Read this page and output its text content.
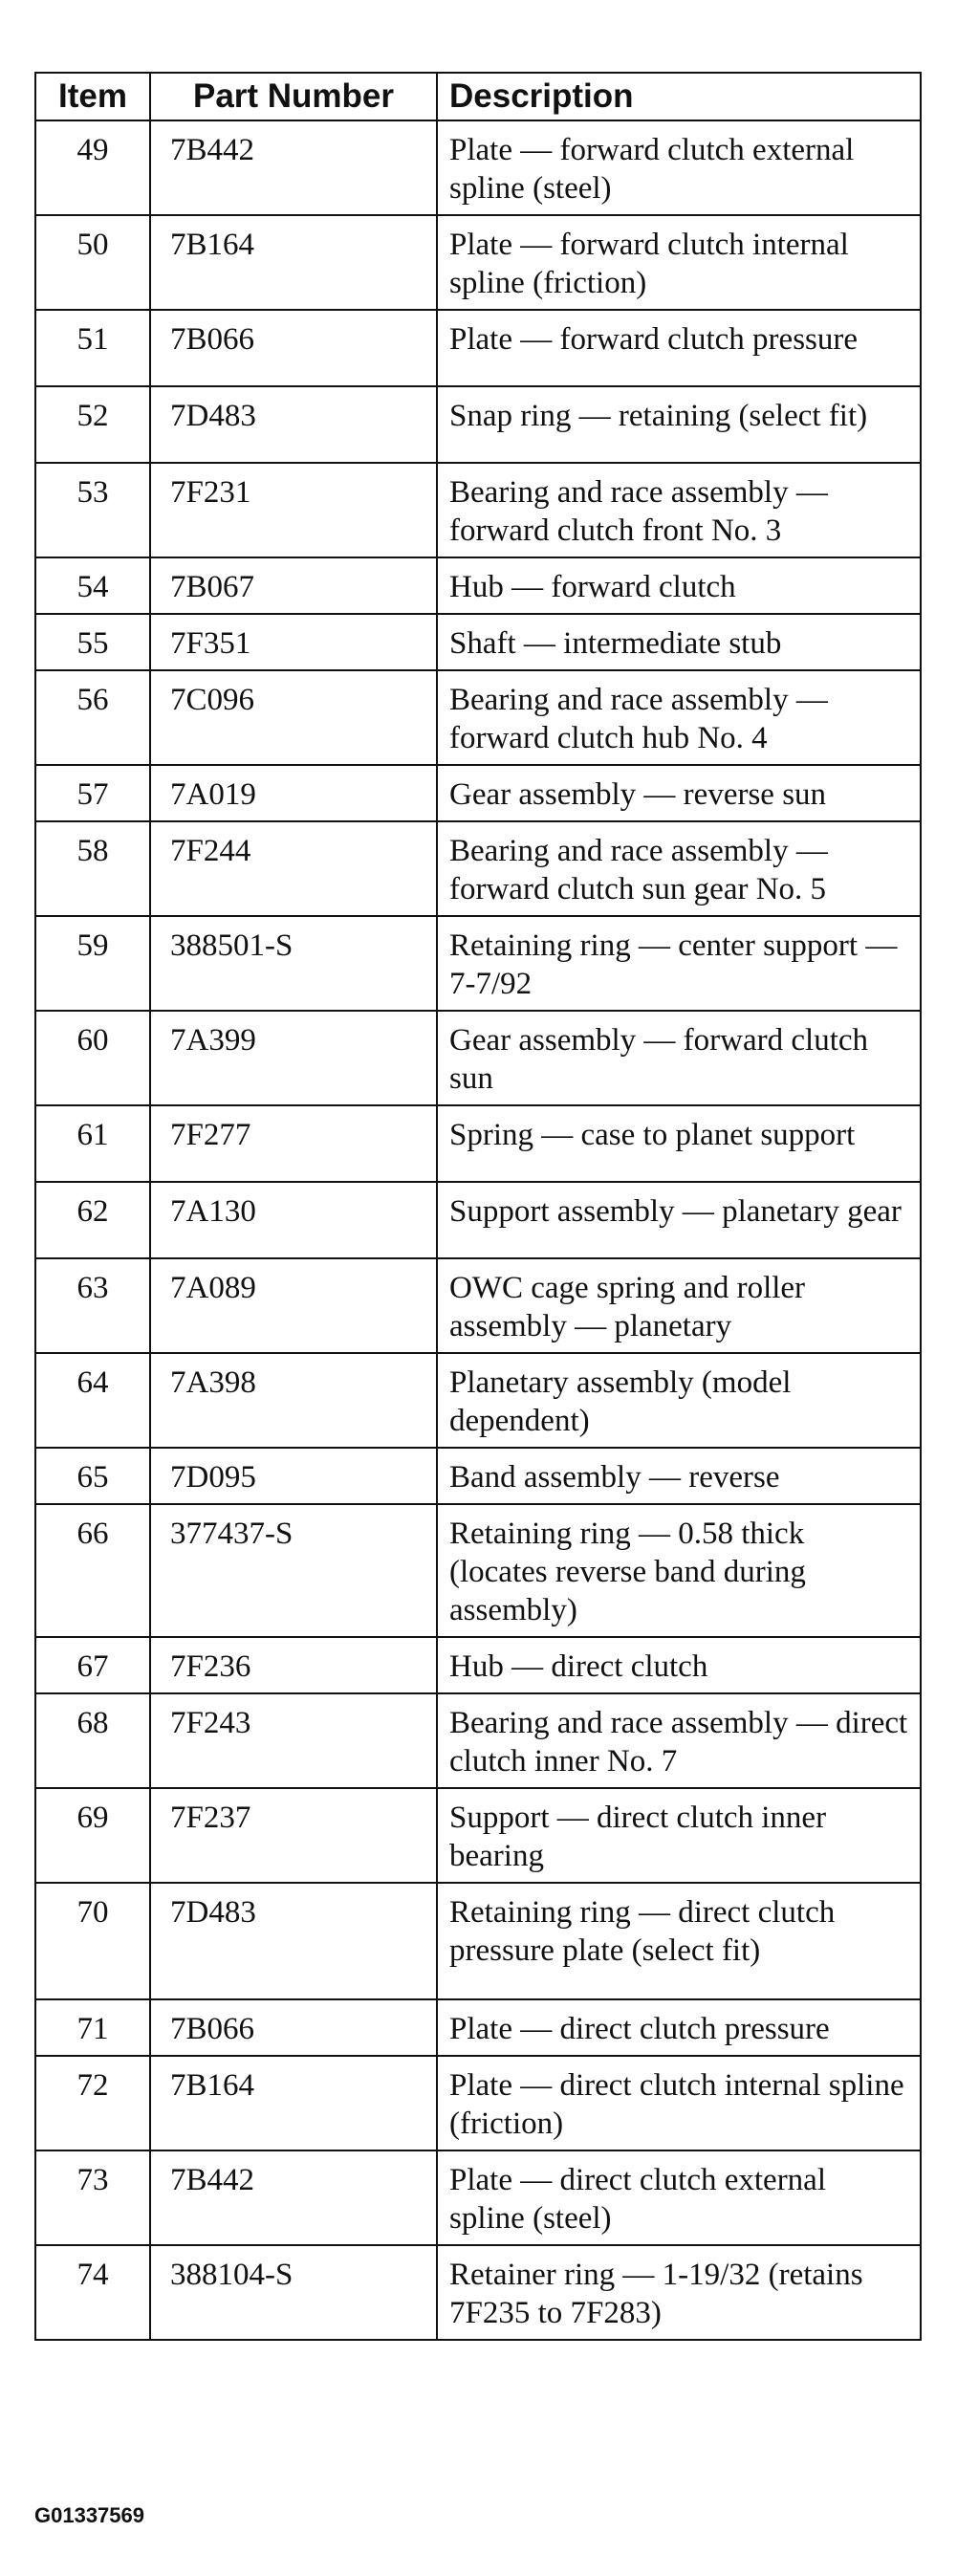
Item	Part Number	Description
49	7B442	Plate — forward clutch external spline (steel)
50	7B164	Plate — forward clutch internal spline (friction)
51	7B066	Plate — forward clutch pressure
52	7D483	Snap ring — retaining (select fit)
53	7F231	Bearing and race assembly — forward clutch front No. 3
54	7B067	Hub — forward clutch
55	7F351	Shaft — intermediate stub
56	7C096	Bearing and race assembly — forward clutch hub No. 4
57	7A019	Gear assembly — reverse sun
58	7F244	Bearing and race assembly — forward clutch sun gear No. 5
59	388501-S	Retaining ring — center support — 7-7/92
60	7A399	Gear assembly — forward clutch sun
61	7F277	Spring — case to planet support
62	7A130	Support assembly — planetary gear
63	7A089	OWC cage spring and roller assembly — planetary
64	7A398	Planetary assembly (model dependent)
65	7D095	Band assembly — reverse
66	377437-S	Retaining ring — 0.58 thick (locates reverse band during assembly)
67	7F236	Hub — direct clutch
68	7F243	Bearing and race assembly — direct clutch inner No. 7
69	7F237	Support — direct clutch inner bearing
70	7D483	Retaining ring — direct clutch pressure plate (select fit)
71	7B066	Plate — direct clutch pressure
72	7B164	Plate — direct clutch internal spline (friction)
73	7B442	Plate — direct clutch external spline (steel)
74	388104-S	Retainer ring — 1-19/32 (retains 7F235 to 7F283)
G01337569
